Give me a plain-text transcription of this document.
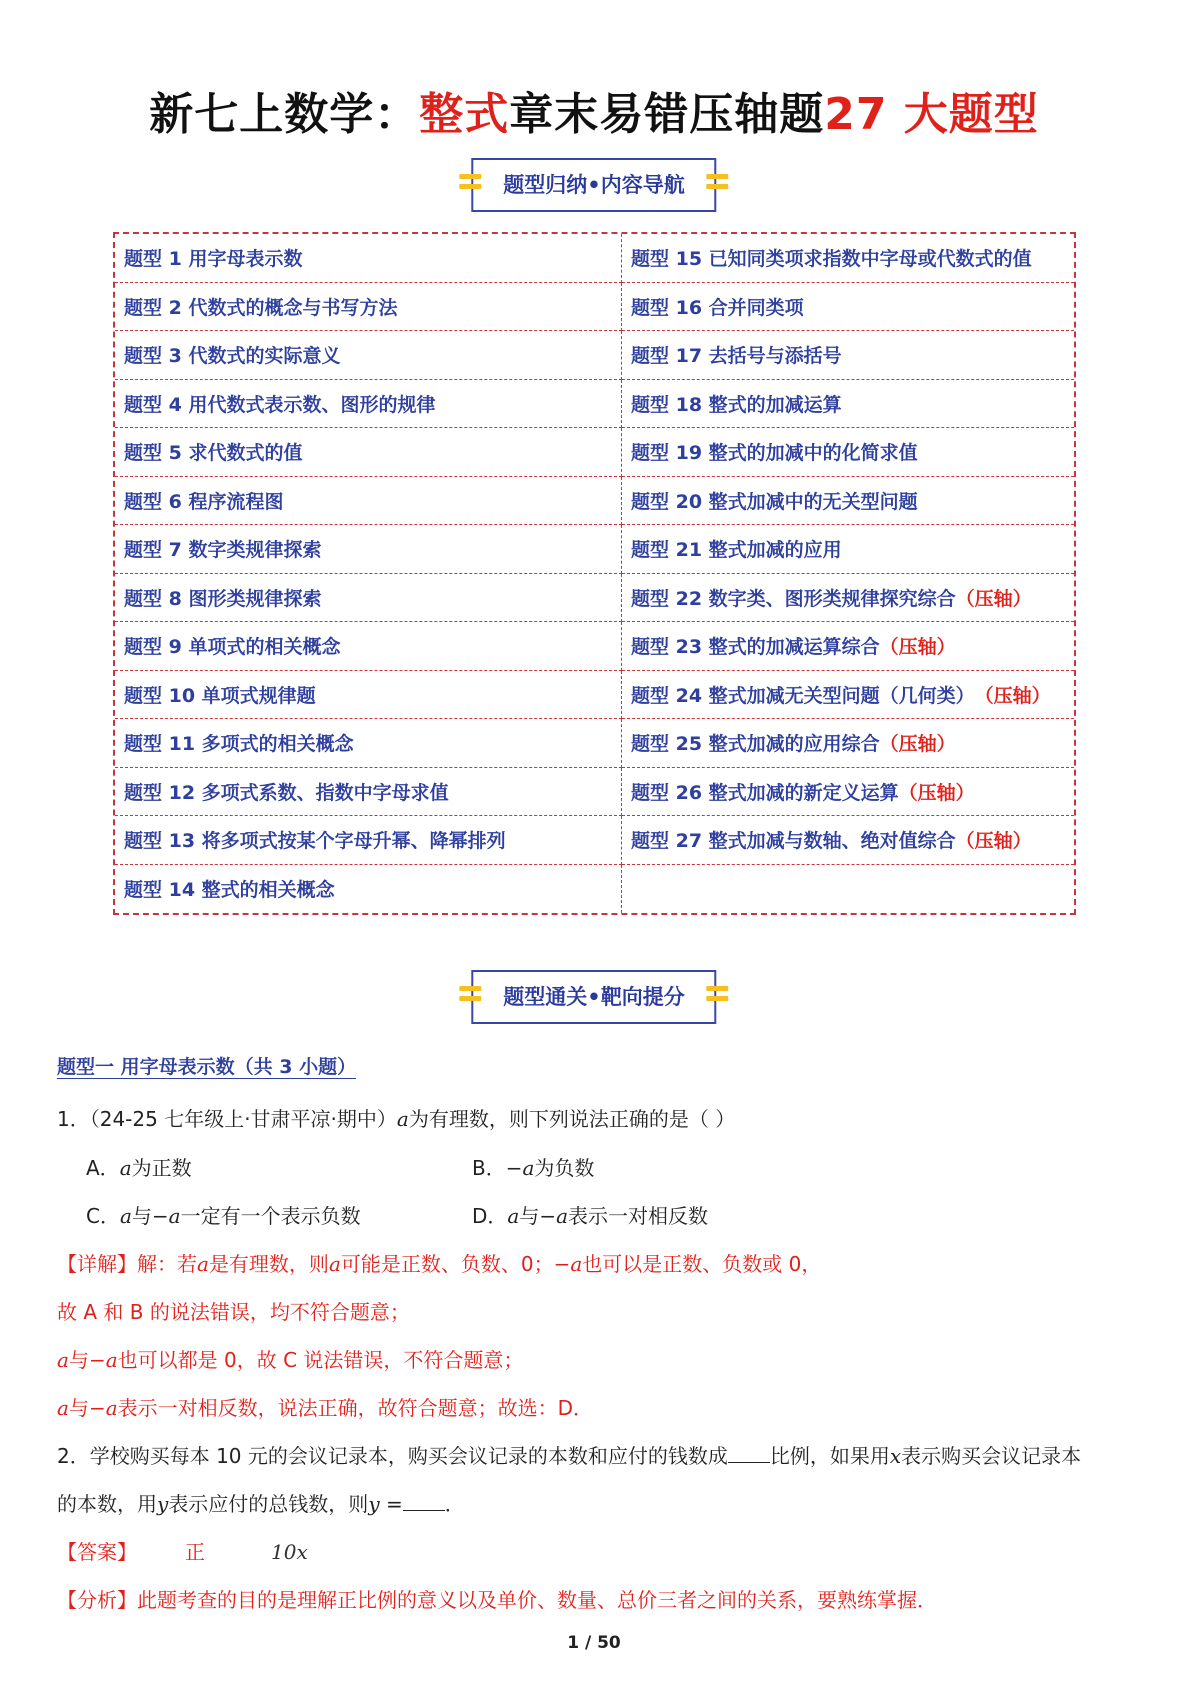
新七上数学：整式章末易错压轴题27 大题型
题型归纳•内容导航
题型 1 用字母表示数	题型 15 已知同类项求指数中字母或代数式的值
题型 2 代数式的概念与书写方法	题型 16 合并同类项
题型 3 代数式的实际意义	题型 17 去括号与添括号
题型 4 用代数式表示数、图形的规律	题型 18 整式的加减运算
题型 5 求代数式的值	题型 19 整式的加减中的化简求值
题型 6 程序流程图	题型 20 整式加减中的无关型问题
题型 7 数字类规律探索	题型 21 整式加减的应用
题型 8 图形类规律探索	题型 22 数字类、图形类规律探究综合 （压轴）
题型 9 单项式的相关概念	题型 23 整式的加减运算综合 （压轴）
题型 10 单项式规律题	题型 24 整式加减无关型问题（几何类） （压轴）
题型 11 多项式的相关概念	题型 25 整式加减的应用综合 （压轴）
题型 12 多项式系数、指数中字母求值	题型 26 整式加减的新定义运算 （压轴）
题型 13 将多项式按某个字母升幂、降幂排列	题型 27 整式加减与数轴、绝对值综合 （压轴）
题型 14 整式的相关概念
题型通关•靶向提分
题型一 用字母表示数（共 3 小题）
1．（24-25 七年级上·甘肃平凉·期中）a为有理数，则下列说法正确的是（ ）
A．a为正数	B．−a为负数
C．a与−a一定有一个表示负数	D．a与−a表示一对相反数
【详解】解：若a是有理数，则a可能是正数、负数、0；−a也可以是正数、负数或 0，
故 A 和 B 的说法错误，均不符合题意；
a与−a也可以都是 0，故 C 说法错误，不符合题意；
a与−a表示一对相反数，说法正确，故符合题意；故选：D．
2．学校购买每本 10 元的会议记录本，购买会议记录的本数和应付的钱数成 比例，如果用x表示购买会议记录本
的本数，用y表示应付的总钱数，则y = ．
【答案】 正	10x
【分析】此题考查的目的是理解正比例的意义以及单价、数量、总价三者之间的关系，要熟练掌握．
1 / 50
